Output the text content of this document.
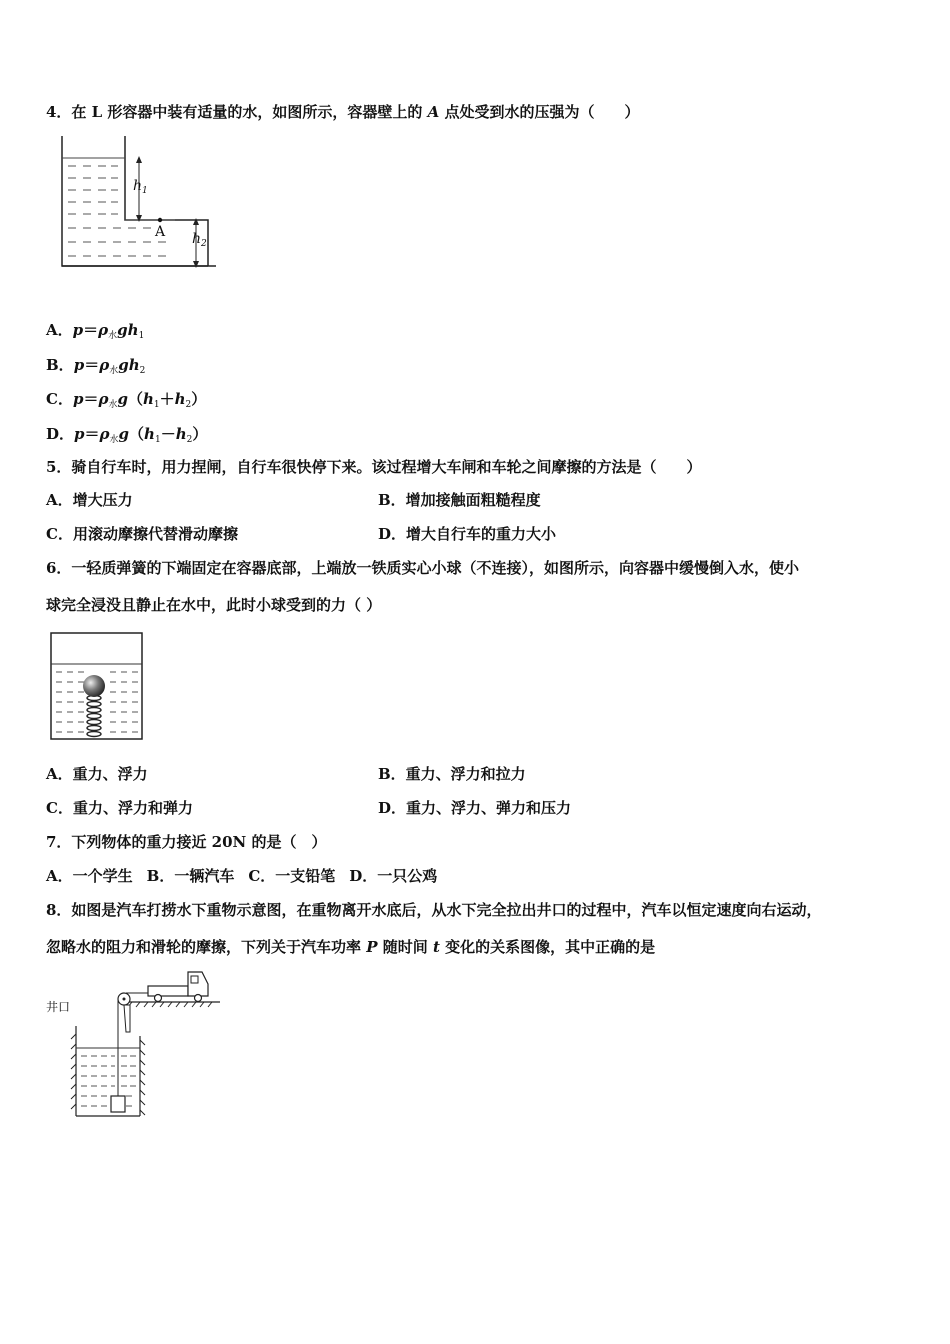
4．在 L 形容器中装有适量的水，如图所示，容器壁上的 A 点处受到水的压强为（　　）
$h_1$
$h_2$
A
A．$p=\rho_水gh_1$
B．$p=\rho_水gh_2$
C．$p=\rho_水g(h_1+h_2)$
D．$p=\rho_水g(h_1-h_2)$
5．骑自行车时，用力捏闸，自行车很快停下来。该过程增大车闸和车轮之间摩擦的方法是（　　）
A．增大压力	B．增加接触面粗糙程度
C．用滚动摩擦代替滑动摩擦	D．增大自行车的重力大小
6．一轻质弹簧的下端固定在容器底部，上端放一铁质实心小球（不连接），如图所示，向容器中缓慢倒入水，使小
球完全浸没且静止在水中，此时小球受到的力（ ）
A．重力、浮力	B．重力、浮力和拉力
C．重力、浮力和弹力	D．重力、浮力、弹力和压力
7．下列物体的重力接近 20N 的是（　）
A．一个学生 B．一辆汽车 C．一支铅笔 D．一只公鸡
8．如图是汽车打捞水下重物示意图，在重物离开水底后，从水下完全拉出井口的过程中，汽车以恒定速度向右运动，
忽略水的阻力和滑轮的摩擦，下列关于汽车功率 P 随时间 t 变化的关系图像，其中正确的是
井口
